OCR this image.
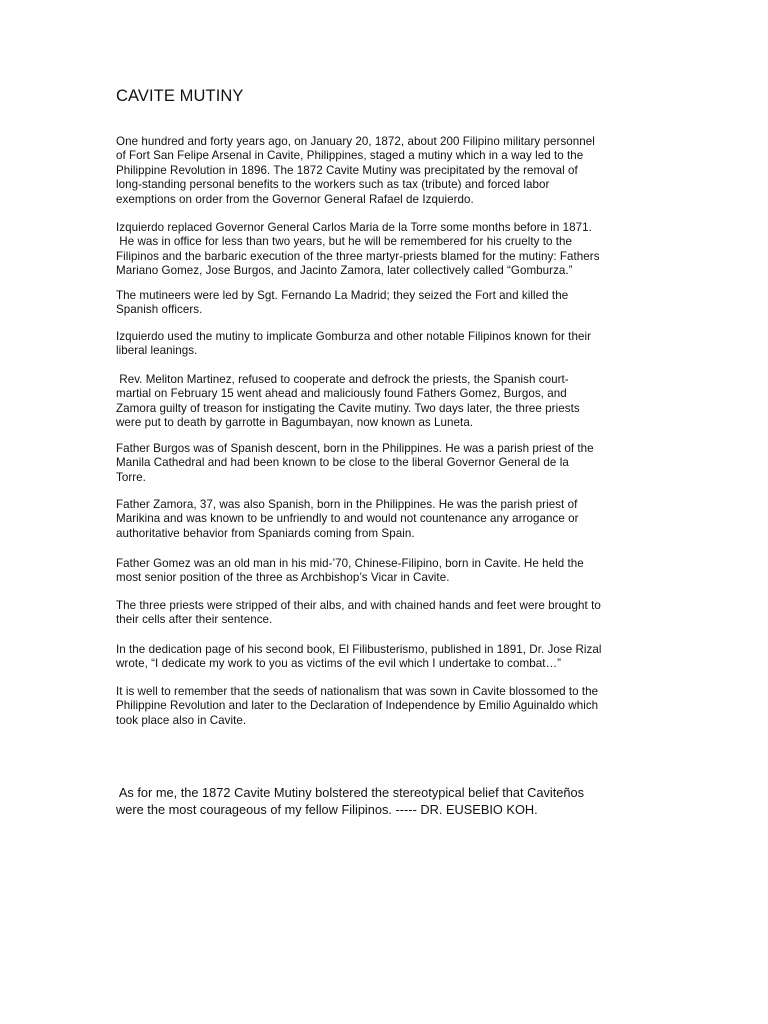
CAVITE MUTINY

One hundred and forty years ago, on January 20, 1872, about 200 Filipino military personnel
of Fort San Felipe Arsenal in Cavite, Philippines, staged a mutiny which in a way led to the
Philippine Revolution in 1896. The 1872 Cavite Mutiny was precipitated by the removal of
long-standing personal benefits to the workers such as tax (tribute) and forced labor
exemptions on order from the Governor General Rafael de Izquierdo.

Izquierdo replaced Governor General Carlos Maria de la Torre some months before in 1871.
He was in office for less than two years, but he will be remembered for his cruelty to the
Filipinos and the barbaric execution of the three martyr-priests blamed for the mutiny: Fathers
Mariano Gomez, Jose Burgos, and Jacinto Zamora, later collectively called “Gomburza.”

The mutineers were led by Sgt. Fernando La Madrid; they seized the Fort and killed the
Spanish officers.

Izquierdo used the mutiny to implicate Gomburza and other notable Filipinos known for their
liberal leanings.

Rev. Meliton Martinez, refused to cooperate and defrock the priests, the Spanish court-
martial on February 15 went ahead and maliciously found Fathers Gomez, Burgos, and
Zamora guilty of treason for instigating the Cavite mutiny. Two days later, the three priests
were put to death by garrotte in Bagumbayan, now known as Luneta.

Father Burgos was of Spanish descent, born in the Philippines. He was a parish priest of the
Manila Cathedral and had been known to be close to the liberal Governor General de la
Torre.

Father Zamora, 37, was also Spanish, born in the Philippines. He was the parish priest of
Marikina and was known to be unfriendly to and would not countenance any arrogance or
authoritative behavior from Spaniards coming from Spain.

Father Gomez was an old man in his mid-’70, Chinese-Filipino, born in Cavite. He held the
most senior position of the three as Archbishop’s Vicar in Cavite.

The three priests were stripped of their albs, and with chained hands and feet were brought to
their cells after their sentence.

In the dedication page of his second book, El Filibusterismo, published in 1891, Dr. Jose Rizal
wrote, “I dedicate my work to you as victims of the evil which I undertake to combat…”

It is well to remember that the seeds of nationalism that was sown in Cavite blossomed to the
Philippine Revolution and later to the Declaration of Independence by Emilio Aguinaldo which
took place also in Cavite.

As for me, the 1872 Cavite Mutiny bolstered the stereotypical belief that Caviteños
were the most courageous of my fellow Filipinos. ----- DR. EUSEBIO KOH.
